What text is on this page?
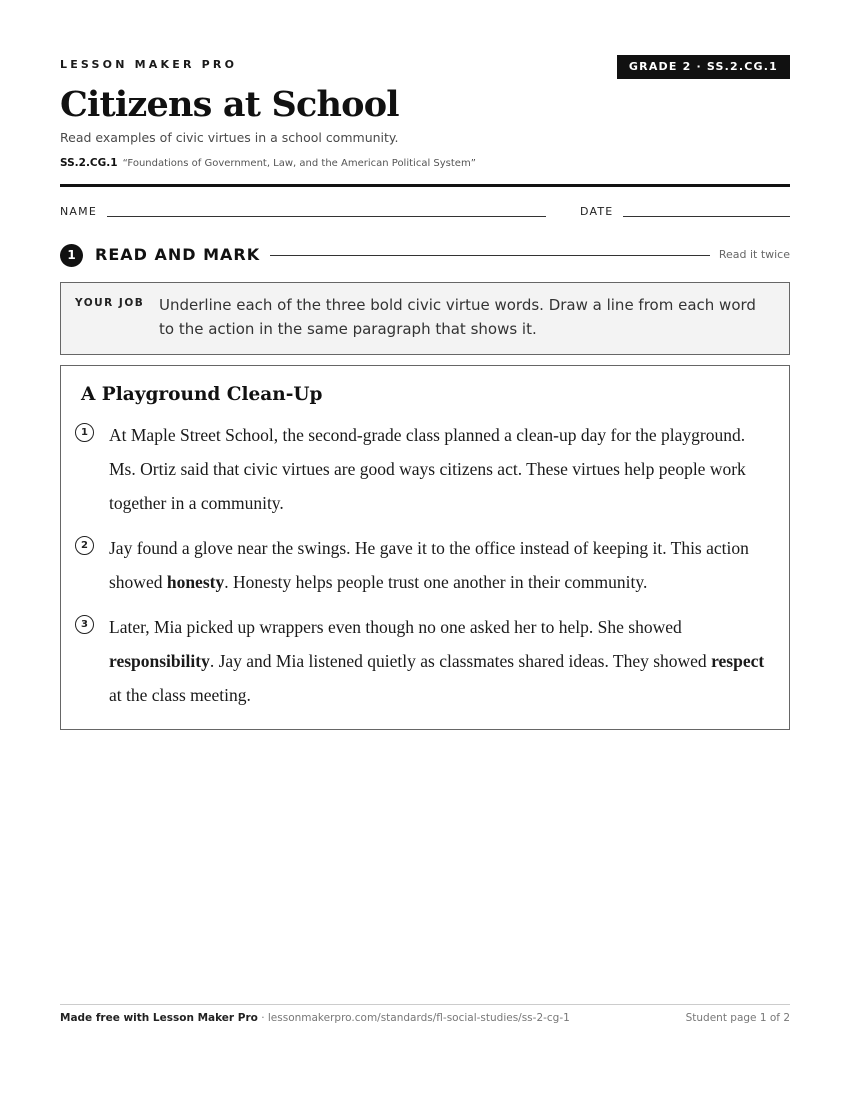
LESSON MAKER PRO	GRADE 2 · SS.2.CG.1
Citizens at School
Read examples of civic virtues in a school community.
SS.2.CG.1 “Foundations of Government, Law, and the American Political System”
NAME	DATE
1	READ AND MARK	Read it twice
YOUR JOB Underline each of the three bold civic virtue words. Draw a line from each word to the action in the same paragraph that shows it.
A Playground Clean-Up
1	At Maple Street School, the second-grade class planned a clean-up day for the playground. Ms. Ortiz said that civic virtues are good ways citizens act. These virtues help people work together in a community.

2	Jay found a glove near the swings. He gave it to the office instead of keeping it. This action showed honesty. Honesty helps people trust one another in their community.

3	Later, Mia picked up wrappers even though no one asked her to help. She showed responsibility. Jay and Mia listened quietly as classmates shared ideas. They showed respect at the class meeting.

Made free with Lesson Maker Pro · lessonmakerpro.com/standards/fl-social-studies/ss-2-cg-1	Student page 1 of 2
